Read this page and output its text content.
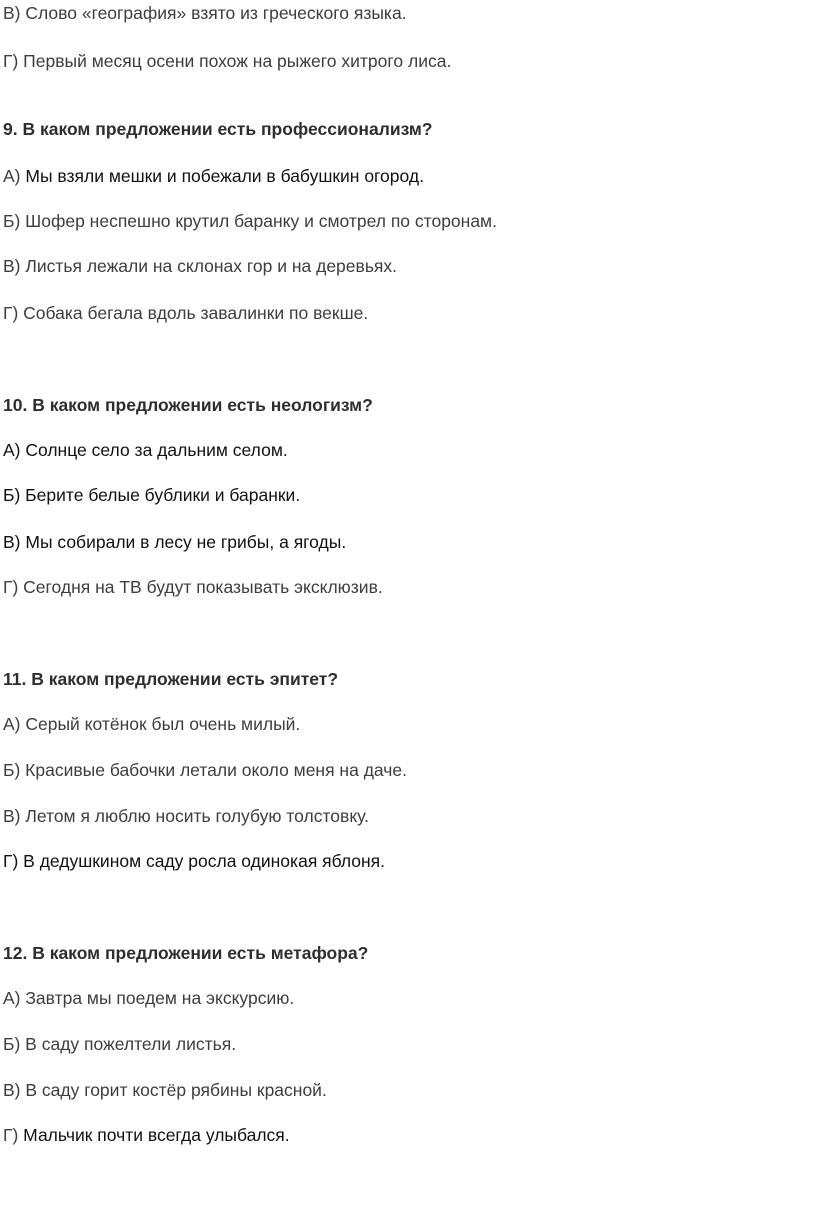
В) Слово «география» взято из греческого языка.
Г) Первый месяц осени похож на рыжего хитрого лиса.
9. В каком предложении есть профессионализм?
А) Мы взяли мешки и побежали в бабушкин огород.
Б) Шофер неспешно крутил баранку и смотрел по сторонам.
В) Листья лежали на склонах гор и на деревьях.
Г) Собака бегала вдоль завалинки по векше.
10. В каком предложении есть неологизм?
А) Солнце село за дальним селом.
Б) Берите белые бублики и баранки.
В) Мы собирали в лесу не грибы, а ягоды.
Г) Сегодня на ТВ будут показывать эксклюзив.
11. В каком предложении есть эпитет?
А) Серый котёнок был очень милый.
Б) Красивые бабочки летали около меня на даче.
В) Летом я люблю носить голубую толстовку.
Г) В дедушкином саду росла одинокая яблоня.
12. В каком предложении есть метафора?
А) Завтра мы поедем на экскурсию.
Б) В саду пожелтели листья.
В) В саду горит костёр рябины красной.
Г) Мальчик почти всегда улыбался.
